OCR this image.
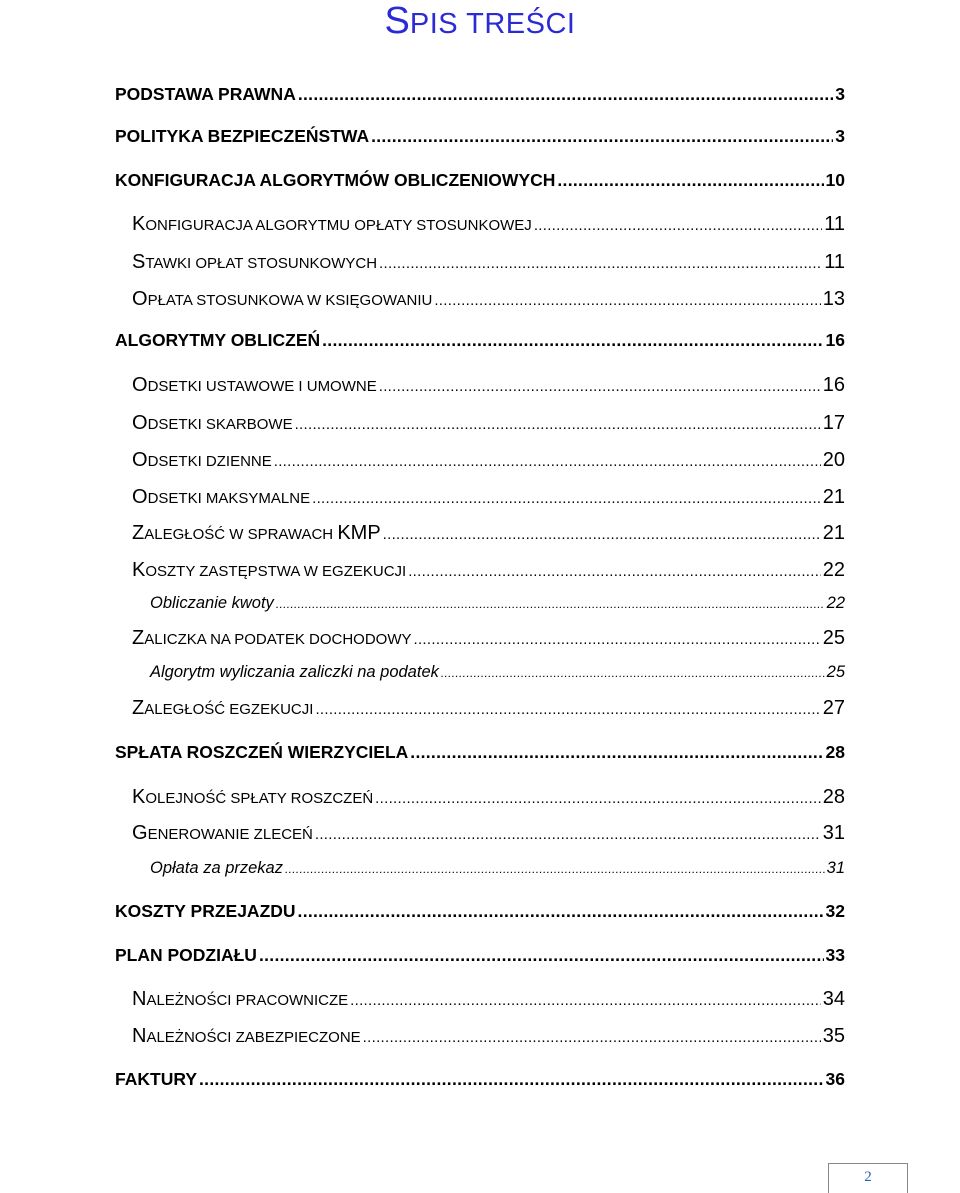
SPIS TREŚCI
PODSTAWA PRAWNA .....	3
POLITYKA BEZPIECZEŃSTWA .....	3
KONFIGURACJA ALGORYTMÓW OBLICZENIOWYCH .....	10
KONFIGURACJA ALGORYTMU OPŁATY STOSUNKOWEJ .....	11
STAWKI OPŁAT STOSUNKOWYCH .....	11
OPŁATA STOSUNKOWA W KSIĘGOWANIU .....	13
ALGORYTMY OBLICZEŃ .....	16
ODSETKI USTAWOWE I UMOWNE .....	16
ODSETKI SKARBOWE .....	17
ODSETKI DZIENNE .....	20
ODSETKI MAKSYMALNE .....	21
ZALEGŁOŚĆ W SPRAWACH KMP .....	21
KOSZTY ZASTĘPSTWA W EGZEKUCJI .....	22
Obliczanie kwoty .....	22
ZALICZKA NA PODATEK DOCHODOWY .....	25
Algorytm wyliczania zaliczki na podatek .....	25
ZALEGŁOŚĆ EGZEKUCJI .....	27
SPŁATA ROSZCZEŃ WIERZYCIELA .....	28
KOLEJNOŚĆ SPŁATY ROSZCZEŃ .....	28
GENEROWANIE ZLECEŃ .....	31
Opłata za przekaz .....	31
KOSZTY PRZEJAZDU .....	32
PLAN PODZIAŁU .....	33
NALEŻNOŚCI PRACOWNICZE .....	34
NALEŻNOŚCI ZABEZPIECZONE .....	35
FAKTURY .....	36
2
